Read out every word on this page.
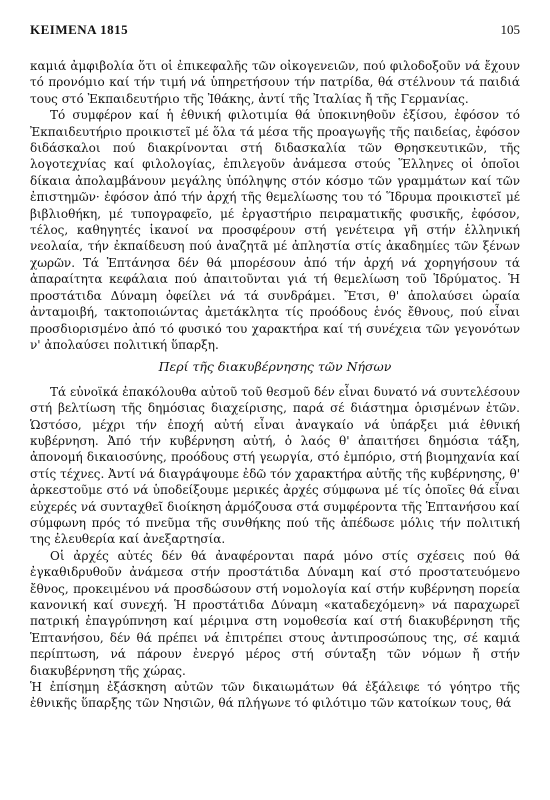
ΚΕΙΜΕΝΑ 1815	105

καμιά ἀμφιβολία ὅτι οἱ ἐπικεφαλῆς τῶν οἰκογενειῶν, πού φιλοδοξοῦν νά ἔχουν τό προνόμιο καί τήν τιμή νά ὑπηρετήσουν τήν πατρίδα, θά στέλνουν τά παιδιά τους στό Ἐκπαιδευτήριο τῆς Ἰθάκης, ἀντί τῆς Ἰταλίας ἤ τῆς Γερμανίας.

Τό συμφέρον καί ἡ ἐθνική φιλοτιμία θά ὑποκινηθοῦν ἐξίσου, ἐφόσον τό Ἐκπαιδευτήριο προικιστεῖ μέ ὅλα τά μέσα τῆς προαγωγῆς τῆς παιδείας, ἐφόσον διδάσκαλοι πού διακρίνονται στή διδασκαλία τῶν Θρησκευτικῶν, τῆς λογοτεχνίας καί φιλολογίας, ἐπιλεγοῦν ἀνάμεσα στούς Ἕλληνες οἱ ὁποῖοι δίκαια ἀπολαμβάνουν μεγάλης ὑπόληψης στόν κόσμο τῶν γραμμάτων καί τῶν ἐπιστημῶν· ἐφόσον ἀπό τήν ἀρχή τῆς θεμελίωσης του τό Ἵδρυμα προικιστεῖ μέ βιβλιοθήκη, μέ τυπογραφεῖο, μέ ἐργαστήριο πειραματικῆς φυσικῆς, ἐφόσον, τέλος, καθηγητές ἱκανοί να προσφέρουν στή γενέτειρα γῆ στήν ἑλληνική νεολαία, τήν ἐκπαίδευση πού ἀναζητᾶ μέ ἀπληστία στίς ἀκαδημίες τῶν ξένων χωρῶν. Τά Ἑπτάνησα δέν θά μπορέσουν ἀπό τήν ἀρχή νά χορηγήσουν τά ἀπαραίτητα κεφάλαια πού ἀπαιτοῦνται γιά τή θεμελίωση τοῦ Ἱδρύματος. Ἡ προστάτιδα Δύναμη ὀφείλει νά τά συνδράμει. Ἔτσι, θ' ἀπολαύσει ὡραία ἀνταμοιβή, τακτοποιώντας ἀμετάκλητα τίς προόδους ἑνός ἔθνους, πού εἶναι προσδιορισμένο ἀπό τό φυσικό του χαρακτήρα καί τή συνέχεια τῶν γεγονότων ν' ἀπολαύσει πολιτική ὕπαρξη.

Περί τῆς διακυβέρνησης τῶν Νήσων

Τά εὐνοϊκά ἐπακόλουθα αὐτοῦ τοῦ θεσμοῦ δέν εἶναι δυνατό νά συντελέσουν στή βελτίωση τῆς δημόσιας διαχείρισης, παρά σέ διάστημα ὁρισμένων ἐτῶν. Ὡστόσο, μέχρι τήν ἐποχή αὐτή εἶναι ἀναγκαίο νά ὑπάρξει μιά ἐθνική κυβέρνηση. Ἀπό τήν κυβέρνηση αὐτή, ὁ λαός θ' ἀπαιτήσει δημόσια τάξη, ἀπονομή δικαιοσύνης, προόδους στή γεωργία, στό ἐμπόριο, στή βιομηχανία καί στίς τέχνες. Ἀντί νά διαγράψουμε ἐδῶ τόν χαρακτήρα αὐτῆς τῆς κυβέρνησης, θ' ἀρκεστοῦμε στό νά ὑποδείξουμε μερικές ἀρχές σύμφωνα μέ τίς ὁποῖες θά εἶναι εὐχερές νά συνταχθεῖ διοίκηση ἁρμόζουσα στά συμφέροντα τῆς Ἑπτανήσου καί σύμφωνη πρός τό πνεῦμα τῆς συνθήκης πού τῆς ἀπέδωσε μόλις τήν πολιτική της ἐλευθερία καί ἀνεξαρτησία.

Οἱ ἀρχές αὐτές δέν θά ἀναφέρονται παρά μόνο στίς σχέσεις πού θά ἐγκαθιδρυθοῦν ἀνάμεσα στήν προστάτιδα Δύναμη καί στό προστατευόμενο ἔθνος, προκειμένου νά προσδώσουν στή νομολογία καί στήν κυβέρνηση πορεία κανονική καί συνεχή. Ἡ προστάτιδα Δύναμη «καταδεχόμενη» νά παραχωρεῖ πατρική ἐπαγρύπνηση καί μέριμνα στη νομοθεσία καί στή διακυβέρνηση τῆς Ἑπτανήσου, δέν θά πρέπει νά ἐπιτρέπει στους ἀντιπροσώπους της, σέ καμιά περίπτωση, νά πάρουν ἐνεργό μέρος στή σύνταξη τῶν νόμων ἤ στήν διακυβέρνηση τῆς χώρας.

Ἡ ἐπίσημη ἐξάσκηση αὐτῶν τῶν δικαιωμάτων θά ἐξάλειφε τό γόητρο τῆς ἐθνικῆς ὕπαρξης τῶν Νησιῶν, θά πλήγωνε τό φιλότιμο τῶν κατοίκων τους, θά
